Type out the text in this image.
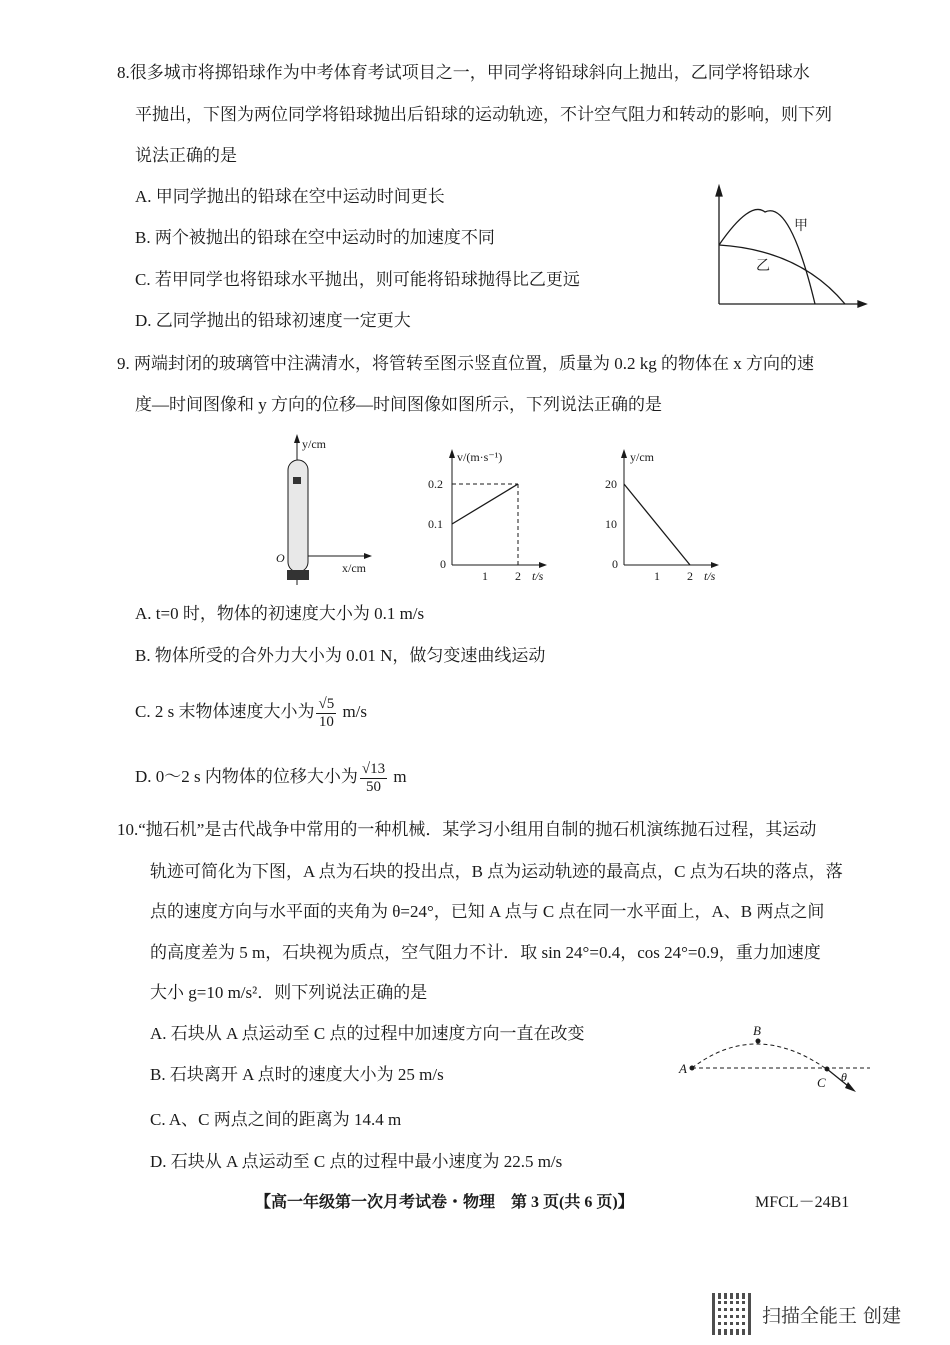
8.很多城市将掷铅球作为中考体育考试项目之一，甲同学将铅球斜向上抛出，乙同学将铅球水
平抛出，下图为两位同学将铅球抛出后铅球的运动轨迹，不计空气阻力和转动的影响，则下列
说法正确的是
A. 甲同学抛出的铅球在空中运动时间更长
B. 两个被抛出的铅球在空中运动时的加速度不同
C. 若甲同学也将铅球水平抛出，则可能将铅球抛得比乙更远
D. 乙同学抛出的铅球初速度一定更大
甲
乙
9. 两端封闭的玻璃管中注满清水，将管转至图示竖直位置，质量为 0.2 kg 的物体在 x 方向的速
度—时间图像和 y 方向的位移—时间图像如图所示，下列说法正确的是
y/cm
O
x/cm
v/(m·s⁻¹)
0.2
0.1
0
1 2 t/s
y/cm
20
10
0
1 2 t/s
A. t=0 时，物体的初速度大小为 0.1 m/s
B. 物体所受的合外力大小为 0.01 N，做匀变速曲线运动
C. 2 s 末物体速度大小为 $\frac{√5}{10} m/s$
D. 0～2 s 内物体的位移大小为 $\frac{√13}{50}$ m
10.“抛石机”是古代战争中常用的一种机械．某学习小组用自制的抛石机演练抛石过程，其运动
轨迹可简化为下图，A 点为石块的投出点，B 点为运动轨迹的最高点，C 点为石块的落点，落
点的速度方向与水平面的夹角为 θ=24°，已知 A 点与 C 点在同一水平面上，A、B 两点之间
的高度差为 5 m，石块视为质点，空气阻力不计．取 sin 24°=0.4，cos 24°=0.9，重力加速度
大小 g=10 m/s²．则下列说法正确的是
A. 石块从 A 点运动至 C 点的过程中加速度方向一直在改变
B. 石块离开 A 点时的速度大小为 25 m/s
C. A、C 两点之间的距离为 14.4 m
D. 石块从 A 点运动至 C 点的过程中最小速度为 22.5 m/s
A
B
C θ
【高一年级第一次月考试卷・物理　第 3 页(共 6 页)】	MFCL－24B1
扫描全能王 创建
